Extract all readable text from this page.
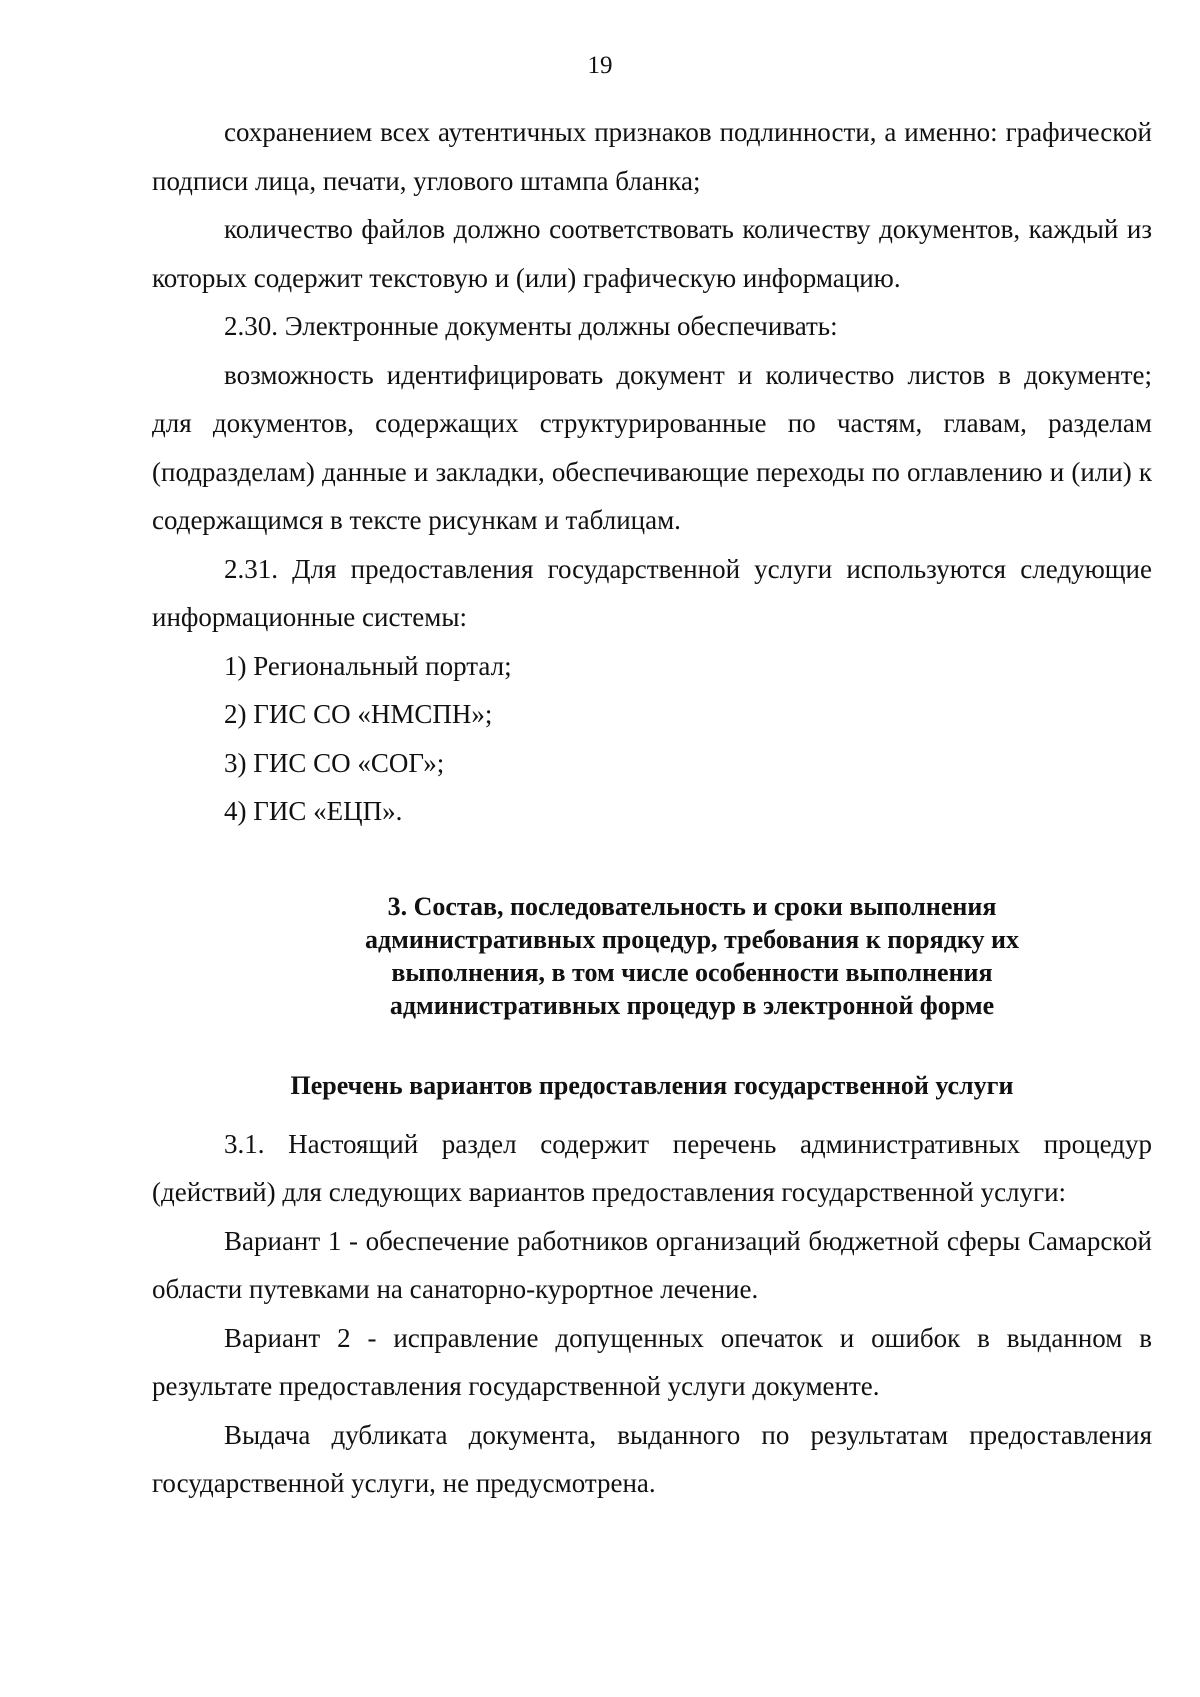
19

сохранением всех аутентичных признаков подлинности, а именно: графической подписи лица, печати, углового штампа бланка;

количество файлов должно соответствовать количеству документов, каждый из которых содержит текстовую и (или) графическую информацию.

2.30. Электронные документы должны обеспечивать:

возможность идентифицировать документ и количество листов в документе; для документов, содержащих структурированные по частям, главам, разделам (подразделам) данные и закладки, обеспечивающие переходы по оглавлению и (или) к содержащимся в тексте рисункам и таблицам.

2.31. Для предоставления государственной услуги используются следующие информационные системы:

1) Региональный портал;

2) ГИС СО «НМСПН»;

3) ГИС СО «СОГ»;

4) ГИС «ЕЦП».

3. Состав, последовательность и сроки выполнения
административных процедур, требования к порядку их
выполнения, в том числе особенности выполнения
административных процедур в электронной форме
Перечень вариантов предоставления государственной услуги

3.1. Настоящий раздел содержит перечень административных процедур (действий) для следующих вариантов предоставления государственной услуги:

Вариант 1 - обеспечение работников организаций бюджетной сферы Самарской области путевками на санаторно-курортное лечение.

Вариант 2 - исправление допущенных опечаток и ошибок в выданном в результате предоставления государственной услуги документе.

Выдача дубликата документа, выданного по результатам предоставления государственной услуги, не предусмотрена.
